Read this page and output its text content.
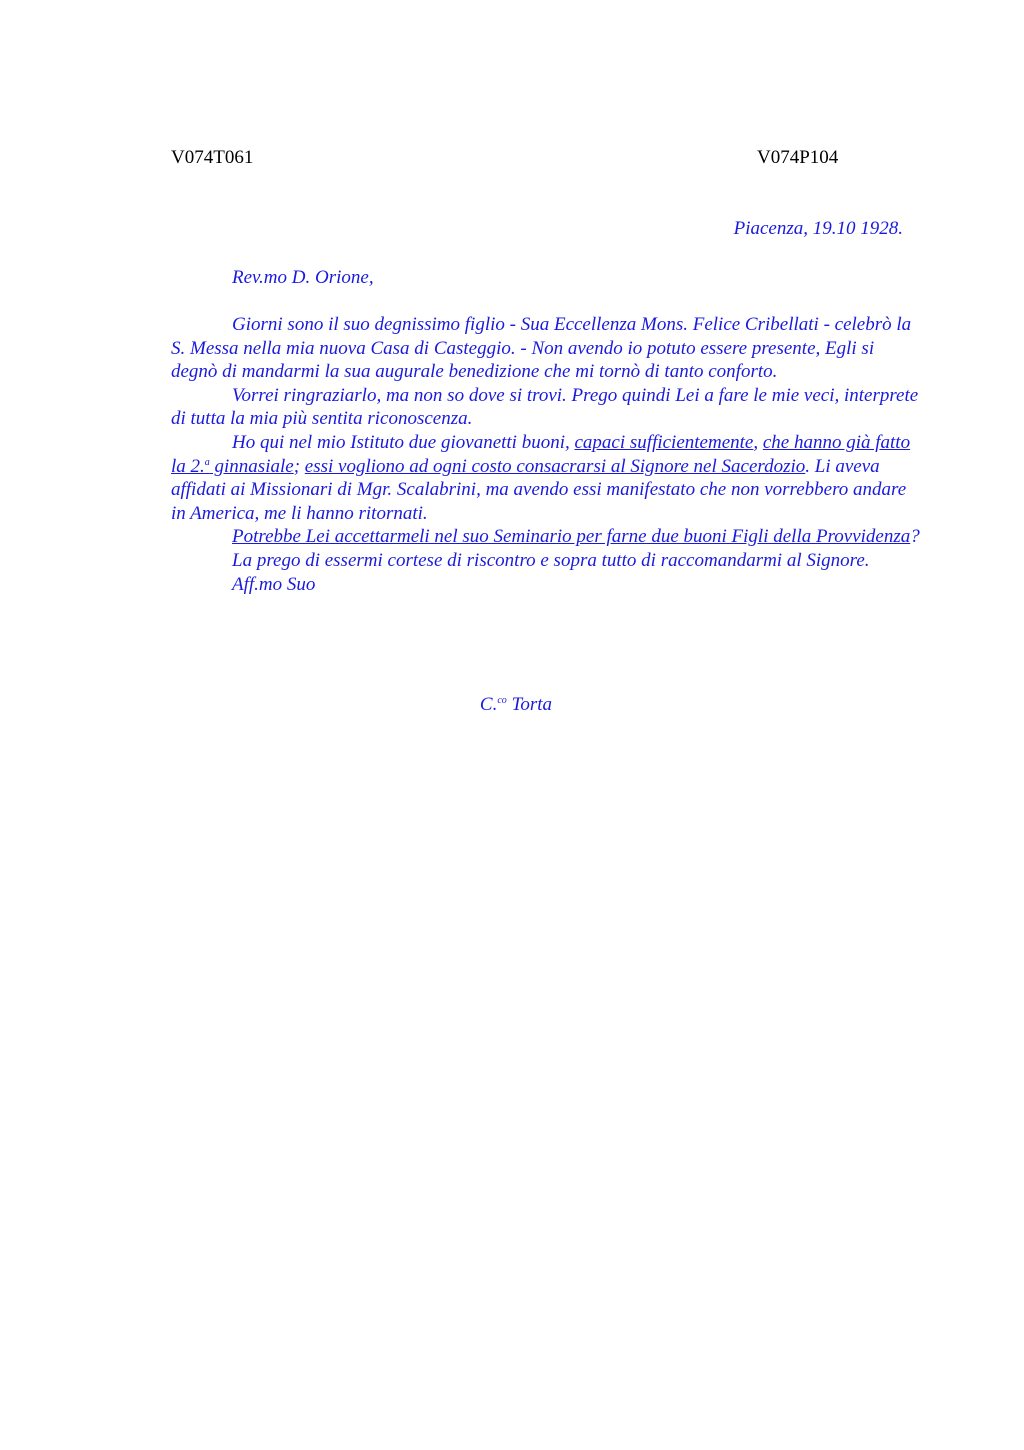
V074T061	V074P104
Piacenza, 19.10 1928.
Rev.mo D. Orione,

Giorni sono il suo degnissimo figlio - Sua Eccellenza Mons. Felice Cribellati - celebrò la S. Messa nella mia nuova Casa di Casteggio. - Non avendo io potuto essere presente, Egli si degnò di mandarmi la sua augurale benedizione che mi tornò di tanto conforto.

Vorrei ringraziarlo, ma non so dove si trovi. Prego quindi Lei a fare le mie veci, interprete di tutta la mia più sentita riconoscenza.

Ho qui nel mio Istituto due giovanetti buoni, capaci sufficientemente, che hanno già fatto la 2.$^a$ ginnasiale; essi vogliono ad ogni costo consacrarsi al Signore nel Sacerdozio. Li aveva affidati ai Missionari di Mgr. Scalabrini, ma avendo essi manifestato che non vorrebbero andare in America, me li hanno ritornati.

Potrebbe Lei accettarmeli nel suo Seminario per farne due buoni Figli della Provvidenza?

La prego di essermi cortese di riscontro e sopra tutto di raccomandarmi al Signore.

Aff.mo Suo

C.$^{co}$ Torta
